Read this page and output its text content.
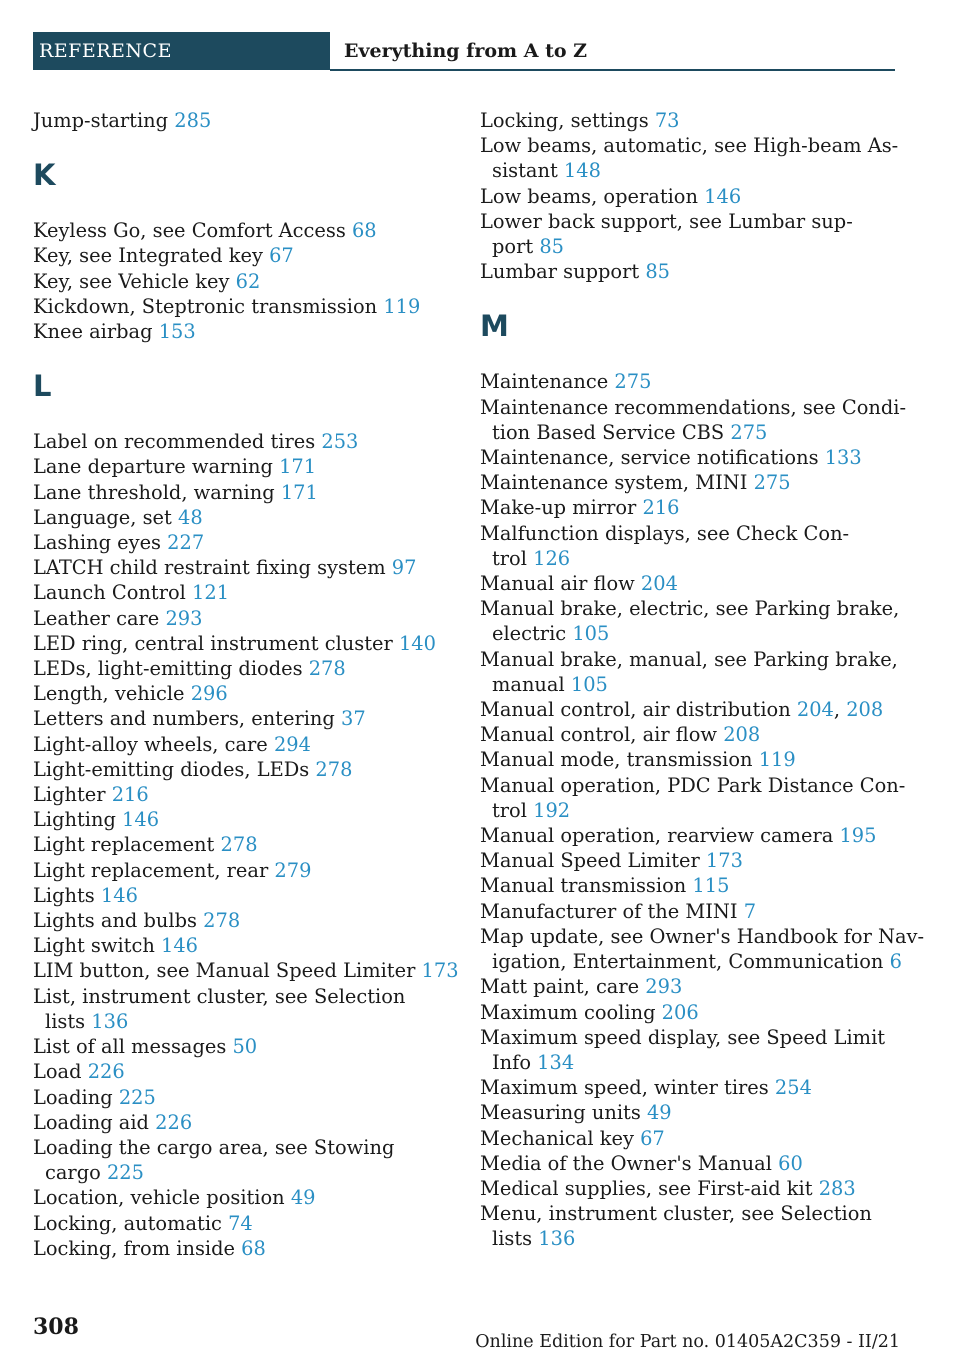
REFERENCE	Everything from A to Z
Jump-starting 285
K
Keyless Go, see Comfort Access 68
Key, see Integrated key 67
Key, see Vehicle key 62
Kickdown, Steptronic transmission 119
Knee airbag 153
L
Label on recommended tires 253
Lane departure warning 171
Lane threshold, warning 171
Language, set 48
Lashing eyes 227
LATCH child restraint fixing system 97
Launch Control 121
Leather care 293
LED ring, central instrument cluster 140
LEDs, light-emitting diodes 278
Length, vehicle 296
Letters and numbers, entering 37
Light-alloy wheels, care 294
Light-emitting diodes, LEDs 278
Lighter 216
Lighting 146
Light replacement 278
Light replacement, rear 279
Lights 146
Lights and bulbs 278
Light switch 146
LIM button, see Manual Speed Limiter 173
List, instrument cluster, see Selection
lists 136
List of all messages 50
Load 226
Loading 225
Loading aid 226
Loading the cargo area, see Stowing
cargo 225
Location, vehicle position 49
Locking, automatic 74
Locking, from inside 68
Locking, settings 73
Low beams, automatic, see High-beam As-
sistant 148
Low beams, operation 146
Lower back support, see Lumbar sup-
port 85
Lumbar support 85
M
Maintenance 275
Maintenance recommendations, see Condi-
tion Based Service CBS 275
Maintenance, service notifications 133
Maintenance system, MINI 275
Make-up mirror 216
Malfunction displays, see Check Con-
trol 126
Manual air flow 204
Manual brake, electric, see Parking brake,
electric 105
Manual brake, manual, see Parking brake,
manual 105
Manual control, air distribution 204, 208
Manual control, air flow 208
Manual mode, transmission 119
Manual operation, PDC Park Distance Con-
trol 192
Manual operation, rearview camera 195
Manual Speed Limiter 173
Manual transmission 115
Manufacturer of the MINI 7
Map update, see Owner's Handbook for Nav-
igation, Entertainment, Communication 6
Matt paint, care 293
Maximum cooling 206
Maximum speed display, see Speed Limit
Info 134
Maximum speed, winter tires 254
Measuring units 49
Mechanical key 67
Media of the Owner's Manual 60
Medical supplies, see First-aid kit 283
Menu, instrument cluster, see Selection
lists 136
308
Online Edition for Part no. 01405A2C359 - II/21
